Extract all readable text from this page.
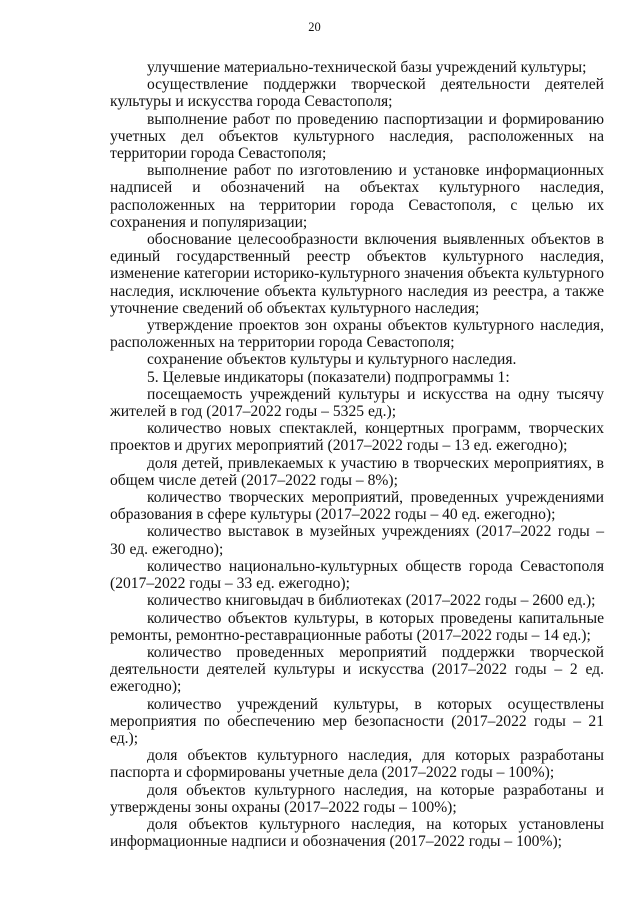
20

улучшение материально-технической базы учреждений культуры;

осуществление поддержки творческой деятельности деятелей культуры и искусства города Севастополя;

выполнение работ по проведению паспортизации и формированию учетных дел объектов культурного наследия, расположенных на территории города Севастополя;

выполнение работ по изготовлению и установке информационных надписей и обозначений на объектах культурного наследия, расположенных на территории города Севастополя, с целью их сохранения и популяризации;

обоснование целесообразности включения выявленных объектов в единый государственный реестр объектов культурного наследия, изменение категории историко-культурного значения объекта культурного наследия, исключение объекта культурного наследия из реестра, а также уточнение сведений об объектах культурного наследия;

утверждение проектов зон охраны объектов культурного наследия, расположенных на территории города Севастополя;

сохранение объектов культуры и культурного наследия.

5. Целевые индикаторы (показатели) подпрограммы 1:

посещаемость учреждений культуры и искусства на одну тысячу жителей в год (2017–2022 годы – 5325 ед.);

количество новых спектаклей, концертных программ, творческих проектов и других мероприятий (2017–2022 годы – 13 ед. ежегодно);

доля детей, привлекаемых к участию в творческих мероприятиях, в общем числе детей (2017–2022 годы – 8%);

количество творческих мероприятий, проведенных учреждениями образования в сфере культуры (2017–2022 годы – 40 ед. ежегодно);

количество выставок в музейных учреждениях (2017–2022 годы – 30 ед. ежегодно);

количество национально-культурных обществ города Севастополя (2017–2022 годы – 33 ед. ежегодно);

количество книговыдач в библиотеках (2017–2022 годы – 2600 ед.);

количество объектов культуры, в которых проведены капитальные ремонты, ремонтно-реставрационные работы (2017–2022 годы – 14 ед.);

количество проведенных мероприятий поддержки творческой деятельности деятелей культуры и искусства (2017–2022 годы – 2 ед. ежегодно);

количество учреждений культуры, в которых осуществлены мероприятия по обеспечению мер безопасности (2017–2022 годы – 21 ед.);

доля объектов культурного наследия, для которых разработаны паспорта и сформированы учетные дела (2017–2022 годы – 100%);

доля объектов культурного наследия, на которые разработаны и утверждены зоны охраны (2017–2022 годы – 100%);

доля объектов культурного наследия, на которых установлены информационные надписи и обозначения (2017–2022 годы – 100%);
